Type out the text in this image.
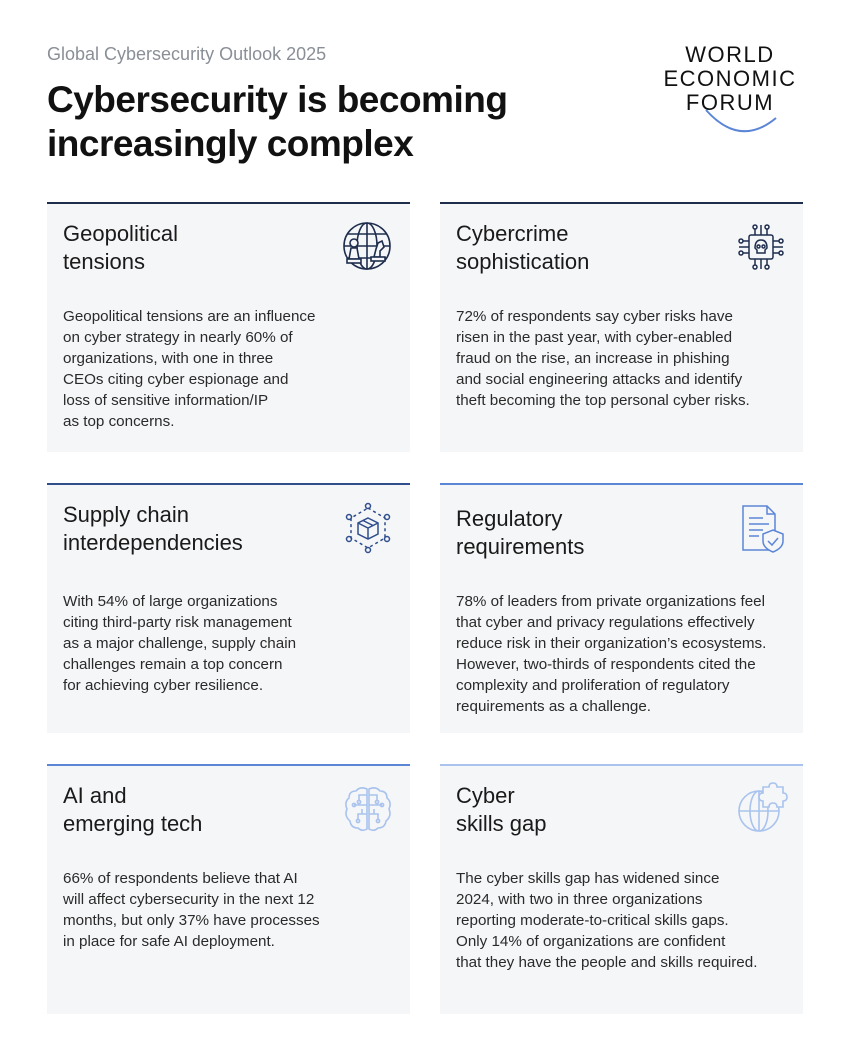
Global Cybersecurity Outlook 2025
Cybersecurity is becoming
increasingly complex
WORLD
ECONOMIC
FORUM
Geopolitical
tensions
Geopolitical tensions are an influence
on cyber strategy in nearly 60% of
organizations, with one in three
CEOs citing cyber espionage and
loss of sensitive information/IP
as top concerns.
Cybercrime
sophistication
72% of respondents say cyber risks have
risen in the past year, with cyber-enabled
fraud on the rise, an increase in phishing
and social engineering attacks and identify
theft becoming the top personal cyber risks.
Supply chain
interdependencies
With 54% of large organizations
citing third-party risk management
as a major challenge, supply chain
challenges remain a top concern
for achieving cyber resilience.
Regulatory
requirements
78% of leaders from private organizations feel
that cyber and privacy regulations effectively
reduce risk in their organization’s ecosystems.
However, two-thirds of respondents cited the
complexity and proliferation of regulatory
requirements as a challenge.
AI and
emerging tech
66% of respondents believe that AI
will affect cybersecurity in the next 12
months, but only 37% have processes
in place for safe AI deployment.
Cyber
skills gap
The cyber skills gap has widened since
2024, with two in three organizations
reporting moderate-to-critical skills gaps.
Only 14% of organizations are confident
that they have the people and skills required.
